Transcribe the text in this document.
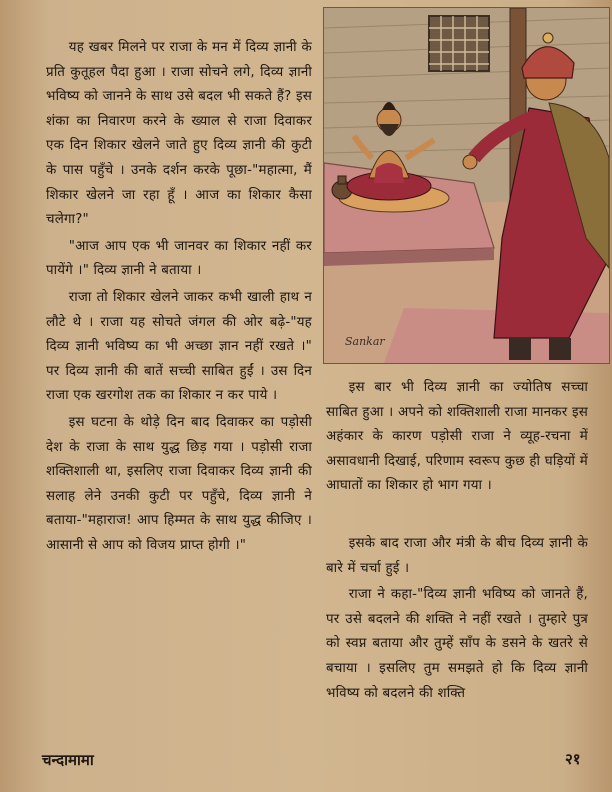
यह खबर मिलने पर राजा के मन में दिव्य ज्ञानी के प्रति कुतूहल पैदा हुआ । राजा सोचने लगे, दिव्य ज्ञानी भविष्य को जानने के साथ उसे बदल भी सकते हैं? इस शंका का निवारण करने के ख्याल से राजा दिवाकर एक दिन शिकार खेलने जाते हुए दिव्य ज्ञानी की कुटी के पास पहुँचे । उनके दर्शन करके पूछा-"महात्मा, मैं शिकार खेलने जा रहा हूँ । आज का शिकार कैसा चलेगा?"

"आज आप एक भी जानवर का शिकार नहीं कर पायेंगे ।" दिव्य ज्ञानी ने बताया ।

राजा तो शिकार खेलने जाकर कभी खाली हाथ न लौटे थे । राजा यह सोचते जंगल की ओर बढ़े-"यह दिव्य ज्ञानी भविष्य का भी अच्छा ज्ञान नहीं रखते ।" पर दिव्य ज्ञानी की बातें सच्ची साबित हुईं । उस दिन राजा एक खरगोश तक का शिकार न कर पाये ।

इस घटना के थोड़े दिन बाद दिवाकर का पड़ोसी देश के राजा के साथ युद्ध छिड़ गया । पड़ोसी राजा शक्तिशाली था, इसलिए राजा दिवाकर दिव्य ज्ञानी की सलाह लेने उनकी कुटी पर पहुँचे, दिव्य ज्ञानी ने बताया-"महाराज! आप हिम्मत के साथ युद्ध कीजिए । आसानी से आप को विजय प्राप्त होगी ।"

Sankar

इस बार भी दिव्य ज्ञानी का ज्योतिष सच्चा साबित हुआ । अपने को शक्तिशाली राजा मानकर इस अहंकार के कारण पड़ोसी राजा ने व्यूह-रचना में असावधानी दिखाई, परिणाम स्वरूप कुछ ही घड़ियों में आघातों का शिकार हो भाग गया ।

इसके बाद राजा और मंत्री के बीच दिव्य ज्ञानी के बारे में चर्चा हुई ।

राजा ने कहा-"दिव्य ज्ञानी भविष्य को जानते हैं, पर उसे बदलने की शक्ति ने नहीं रखते । तुम्हारे पुत्र को स्वप्न बताया और तुम्हें साँप के डसने के खतरे से बचाया । इसलिए तुम समझते हो कि दिव्य ज्ञानी भविष्य को बदलने की शक्ति

चन्दामामा	२१
